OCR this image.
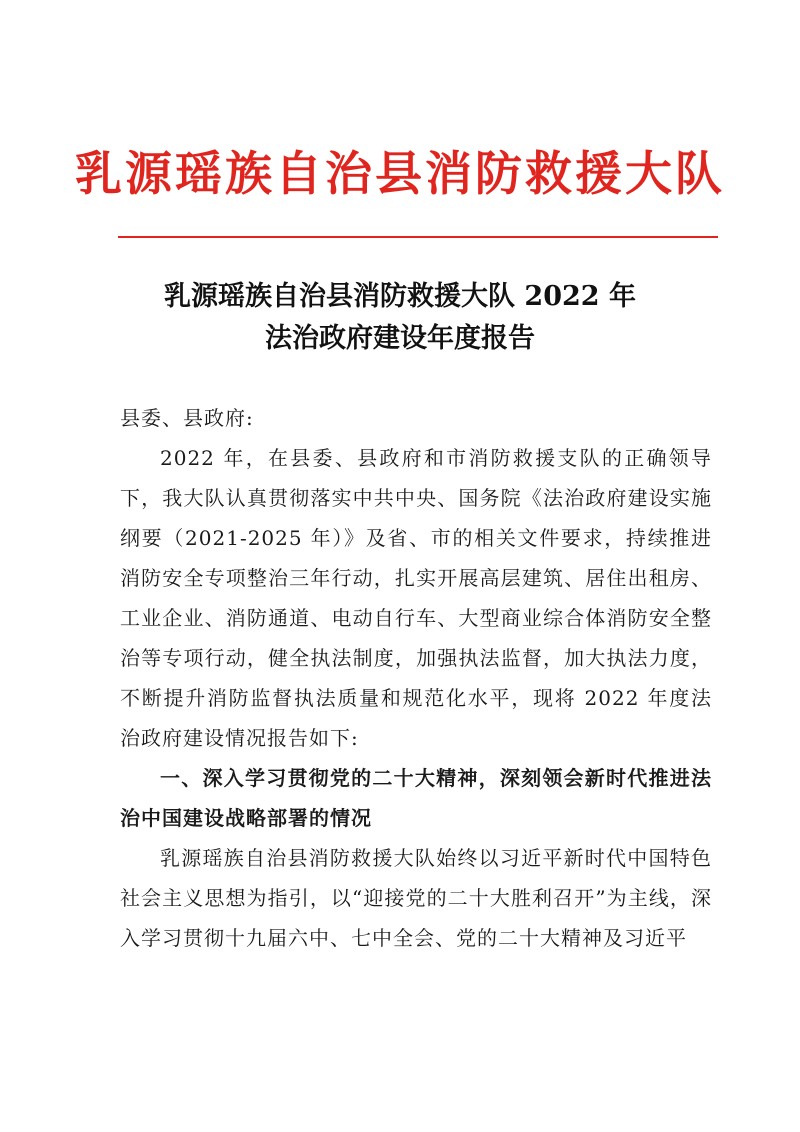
乳源瑶族自治县消防救援大队
乳源瑶族自治县消防救援大队 2022 年
法治政府建设年度报告

县委、县政府:

2022 年，在县委、县政府和市消防救援支队的正确领导下，我大队认真贯彻落实中共中央、国务院《法治政府建设实施纲要（2021-2025 年）》及省、市的相关文件要求，持续推进消防安全专项整治三年行动，扎实开展高层建筑、居住出租房、工业企业、消防通道、电动自行车、大型商业综合体消防安全整治等专项行动，健全执法制度，加强执法监督，加大执法力度，不断提升消防监督执法质量和规范化水平，现将 2022 年度法治政府建设情况报告如下:

一、深入学习贯彻党的二十大精神，深刻领会新时代推进法治中国建设战略部署的情况

乳源瑶族自治县消防救援大队始终以习近平新时代中国特色社会主义思想为指引，以“迎接党的二十大胜利召开”为主线，深入学习贯彻十九届六中、七中全会、党的二十大精神及习近平
